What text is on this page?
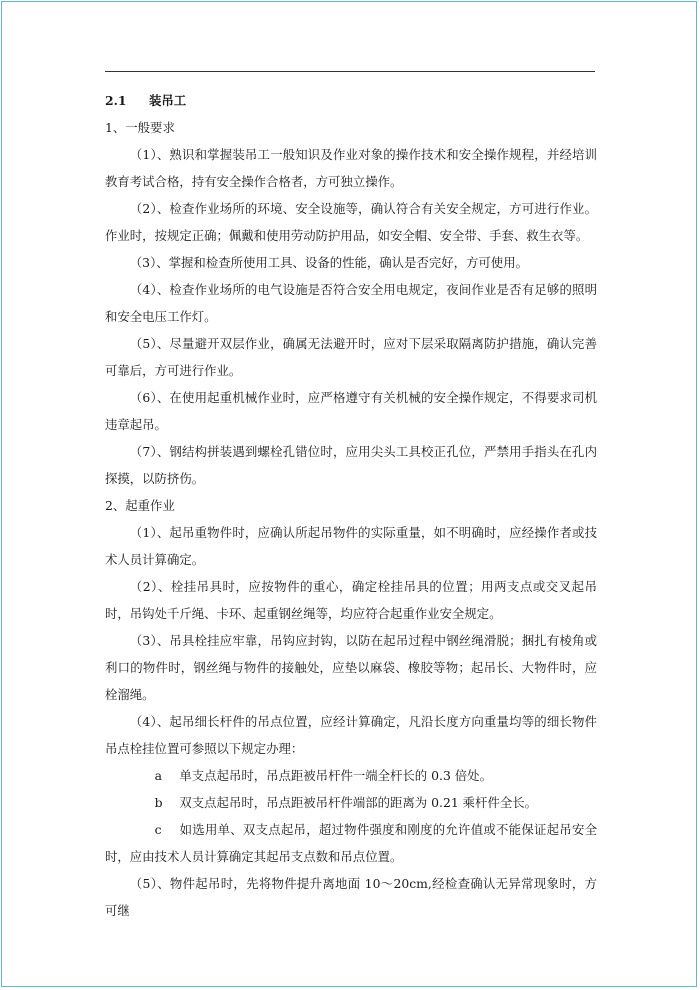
2.1	装吊工

1、一般要求

（1）、熟识和掌握装吊工一般知识及作业对象的操作技术和安全操作规程，并经培训教育考试合格，持有安全操作合格者，方可独立操作。

（2）、检查作业场所的环境、安全设施等，确认符合有关安全规定，方可进行作业。作业时，按规定正确；佩戴和使用劳动防护用品，如安全帽、安全带、手套、救生衣等。

（3）、掌握和检查所使用工具、设备的性能，确认是否完好，方可使用。

（4）、检查作业场所的电气设施是否符合安全用电规定，夜间作业是否有足够的照明和安全电压工作灯。

（5）、尽量避开双层作业，确属无法避开时，应对下层采取隔离防护措施，确认完善可靠后，方可进行作业。

（6）、在使用起重机械作业时，应严格遵守有关机械的安全操作规定，不得要求司机违章起吊。

（7）、钢结构拼装遇到螺栓孔错位时，应用尖头工具校正孔位，严禁用手指头在孔内探摸，以防挤伤。

2、起重作业

（1）、起吊重物件时，应确认所起吊物件的实际重量，如不明确时，应经操作者或技术人员计算确定。

（2）、栓挂吊具时，应按物件的重心，确定栓挂吊具的位置；用两支点或交叉起吊时，吊钩处千斤绳、卡环、起重钢丝绳等，均应符合起重作业安全规定。

（3）、吊具栓挂应牢靠，吊钩应封钩，以防在起吊过程中钢丝绳滑脱；捆扎有棱角或利口的物件时，钢丝绳与物件的接触处，应垫以麻袋、橡胶等物；起吊长、大物件时，应栓溜绳。

（4）、起吊细长杆件的吊点位置，应经计算确定，凡沿长度方向重量均等的细长物件吊点栓挂位置可参照以下规定办理：

a 单支点起吊时，吊点距被吊杆件一端全杆长的 0.3 倍处。

b 双支点起吊时，吊点距被吊杆件端部的距离为 0.21 乘杆件全长。

c 如选用单、双支点起吊，超过物件强度和刚度的允许值或不能保证起吊安全时，应由技术人员计算确定其起吊支点数和吊点位置。

（5）、物件起吊时，先将物件提升离地面 10～20cm,经检查确认无异常现象时，方可继
